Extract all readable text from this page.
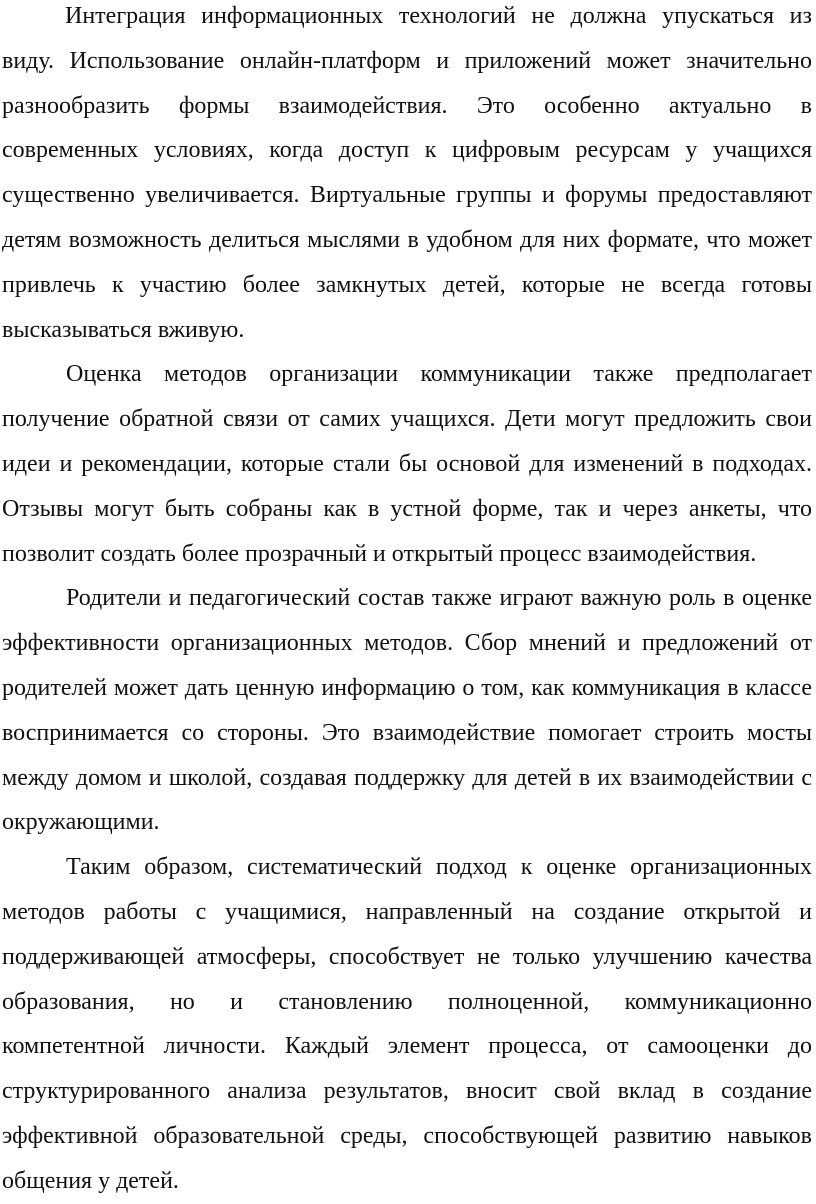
Интеграция информационных технологий не должна упускаться из виду. Использование онлайн-платформ и приложений может значительно разнообразить формы взаимодействия. Это особенно актуально в современных условиях, когда доступ к цифровым ресурсам у учащихся существенно увеличивается. Виртуальные группы и форумы предоставляют детям возможность делиться мыслями в удобном для них формате, что может привлечь к участию более замкнутых детей, которые не всегда готовы высказываться вживую.

Оценка методов организации коммуникации также предполагает получение обратной связи от самих учащихся. Дети могут предложить свои идеи и рекомендации, которые стали бы основой для изменений в подходах. Отзывы могут быть собраны как в устной форме, так и через анкеты, что позволит создать более прозрачный и открытый процесс взаимодействия.

Родители и педагогический состав также играют важную роль в оценке эффективности организационных методов. Сбор мнений и предложений от родителей может дать ценную информацию о том, как коммуникация в классе воспринимается со стороны. Это взаимодействие помогает строить мосты между домом и школой, создавая поддержку для детей в их взаимодействии с окружающими.

Таким образом, систематический подход к оценке организационных методов работы с учащимися, направленный на создание открытой и поддерживающей атмосферы, способствует не только улучшению качества образования, но и становлению полноценной, коммуникационно компетентной личности. Каждый элемент процесса, от самооценки до структурированного анализа результатов, вносит свой вклад в создание эффективной образовательной среды, способствующей развитию навыков общения у детей.
